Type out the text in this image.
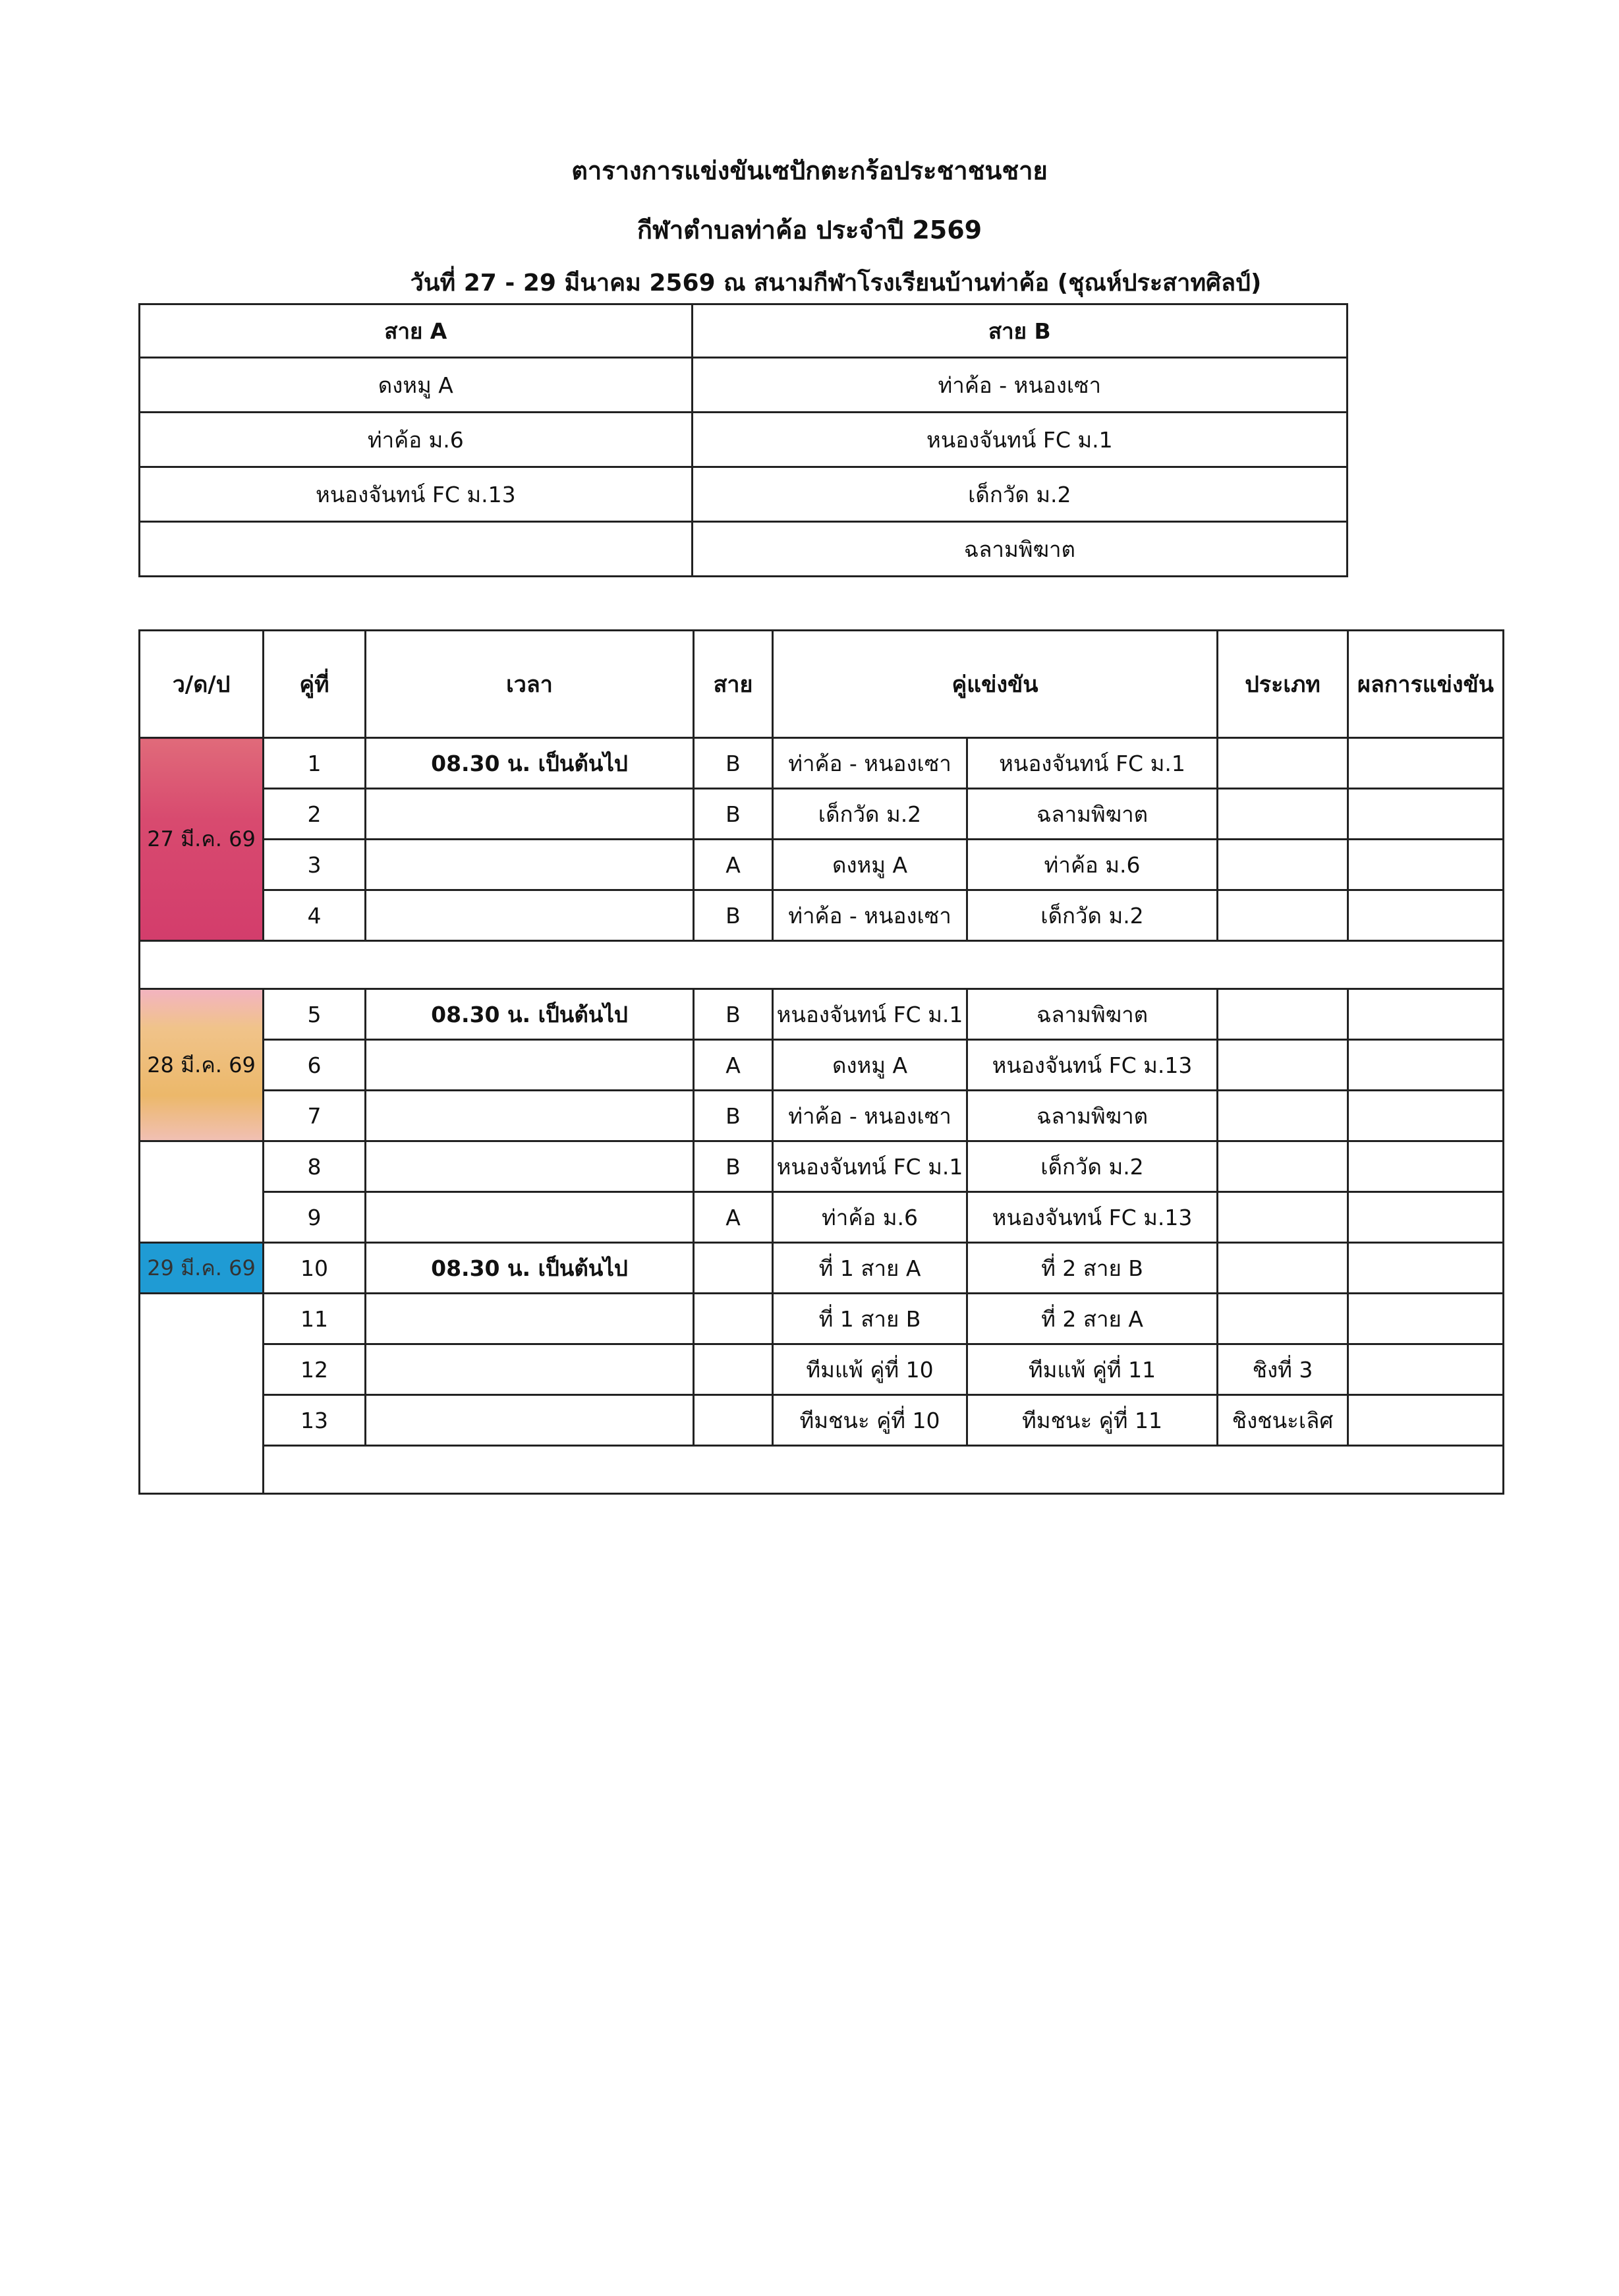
ตารางการแข่งขันเซปักตะกร้อประชาชนชาย
กีฬาตำบลท่าค้อ ประจำปี 2569
วันที่ 27 - 29 มีนาคม 2569 ณ สนามกีฬาโรงเรียนบ้านท่าค้อ (ชุณห์ประสาทศิลป์)
สาย A	สาย B
ดงหมู A	ท่าค้อ - หนองเซา
ท่าค้อ ม.6	หนองจันทน์ FC ม.1
หนองจันทน์ FC ม.13	เด็กวัด ม.2
	ฉลามพิฆาต
ว/ด/ป	คู่ที่	เวลา	สาย	คู่แข่งขัน		ประเภท	ผลการแข่งขัน
27 มี.ค. 69	1	08.30 น. เป็นต้นไป	B	ท่าค้อ - หนองเซา	หนองจันทน์ FC ม.1		
	2		B	เด็กวัด ม.2	ฉลามพิฆาต		
	3		A	ดงหมู A	ท่าค้อ ม.6		
	4		B	ท่าค้อ - หนองเซา	เด็กวัด ม.2		

28 มี.ค. 69	5	08.30 น. เป็นต้นไป	B	หนองจันทน์ FC ม.1	ฉลามพิฆาต		
	6		A	ดงหมู A	หนองจันทน์ FC ม.13		
	7		B	ท่าค้อ - หนองเซา	ฉลามพิฆาต		
	8		B	หนองจันทน์ FC ม.1	เด็กวัด ม.2		
	9		A	ท่าค้อ ม.6	หนองจันทน์ FC ม.13		
29 มี.ค. 69	10	08.30 น. เป็นต้นไป		ที่ 1 สาย A	ที่ 2 สาย B		
	11			ที่ 1 สาย B	ที่ 2 สาย A		
	12			ทีมแพ้ คู่ที่ 10	ทีมแพ้ คู่ที่ 11	ชิงที่ 3	
	13			ทีมชนะ คู่ที่ 10	ทีมชนะ คู่ที่ 11	ชิงชนะเลิศ	
